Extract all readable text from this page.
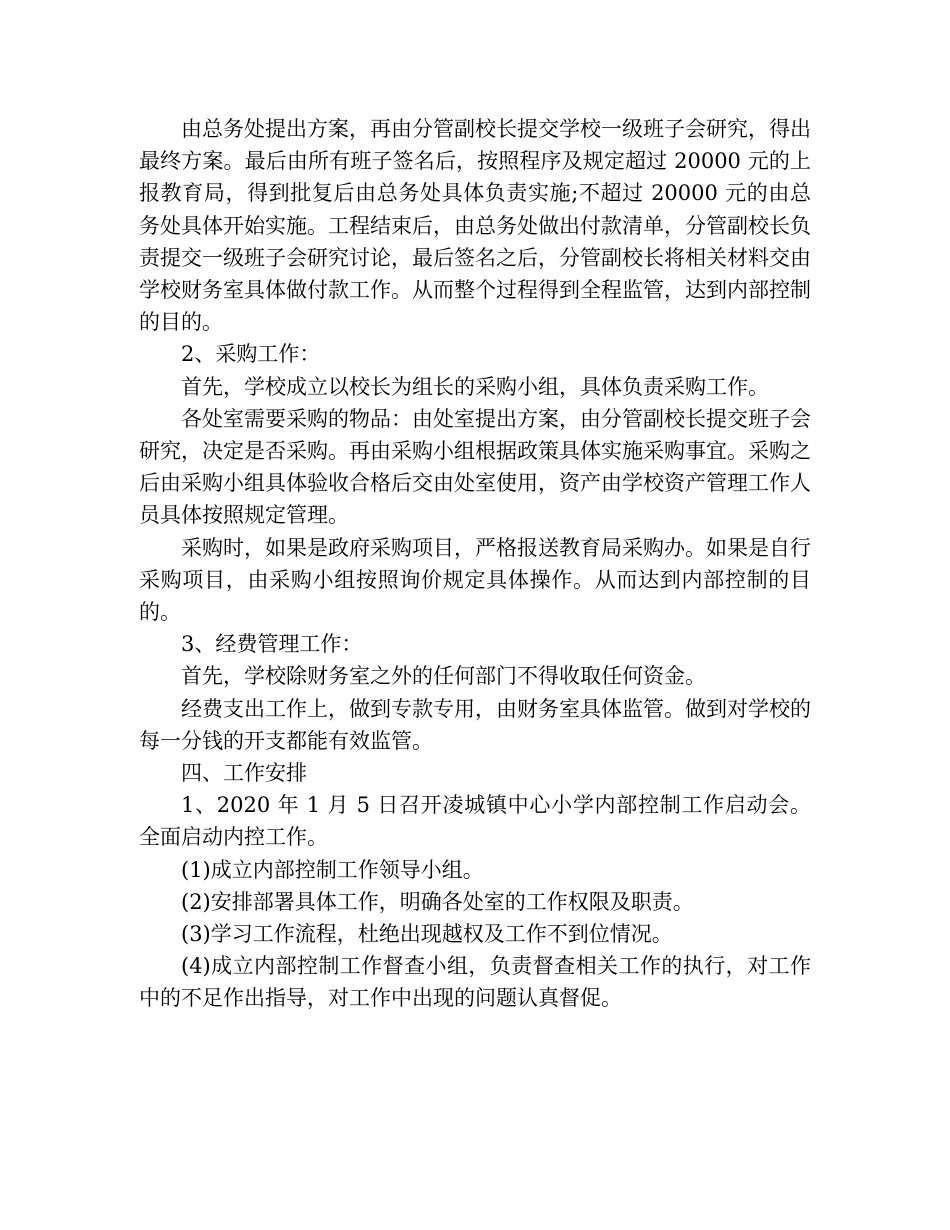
由总务处提出方案，再由分管副校长提交学校一级班子会研究，得出最终方案。最后由所有班子签名后，按照程序及规定超过 20000 元的上报教育局，得到批复后由总务处具体负责实施;不超过 20000 元的由总务处具体开始实施。工程结束后，由总务处做出付款清单，分管副校长负责提交一级班子会研究讨论，最后签名之后，分管副校长将相关材料交由学校财务室具体做付款工作。从而整个过程得到全程监管，达到内部控制的目的。

2、采购工作：

首先，学校成立以校长为组长的采购小组，具体负责采购工作。

各处室需要采购的物品：由处室提出方案，由分管副校长提交班子会研究，决定是否采购。再由采购小组根据政策具体实施采购事宜。采购之后由采购小组具体验收合格后交由处室使用，资产由学校资产管理工作人员具体按照规定管理。

采购时，如果是政府采购项目，严格报送教育局采购办。如果是自行采购项目，由采购小组按照询价规定具体操作。从而达到内部控制的目的。

3、经费管理工作：

首先，学校除财务室之外的任何部门不得收取任何资金。

经费支出工作上，做到专款专用，由财务室具体监管。做到对学校的每一分钱的开支都能有效监管。

四、工作安排

1、2020 年 1 月 5 日召开凌城镇中心小学内部控制工作启动会。全面启动内控工作。

(1)成立内部控制工作领导小组。

(2)安排部署具体工作，明确各处室的工作权限及职责。

(3)学习工作流程，杜绝出现越权及工作不到位情况。

(4)成立内部控制工作督查小组，负责督查相关工作的执行，对工作中的不足作出指导，对工作中出现的问题认真督促。
